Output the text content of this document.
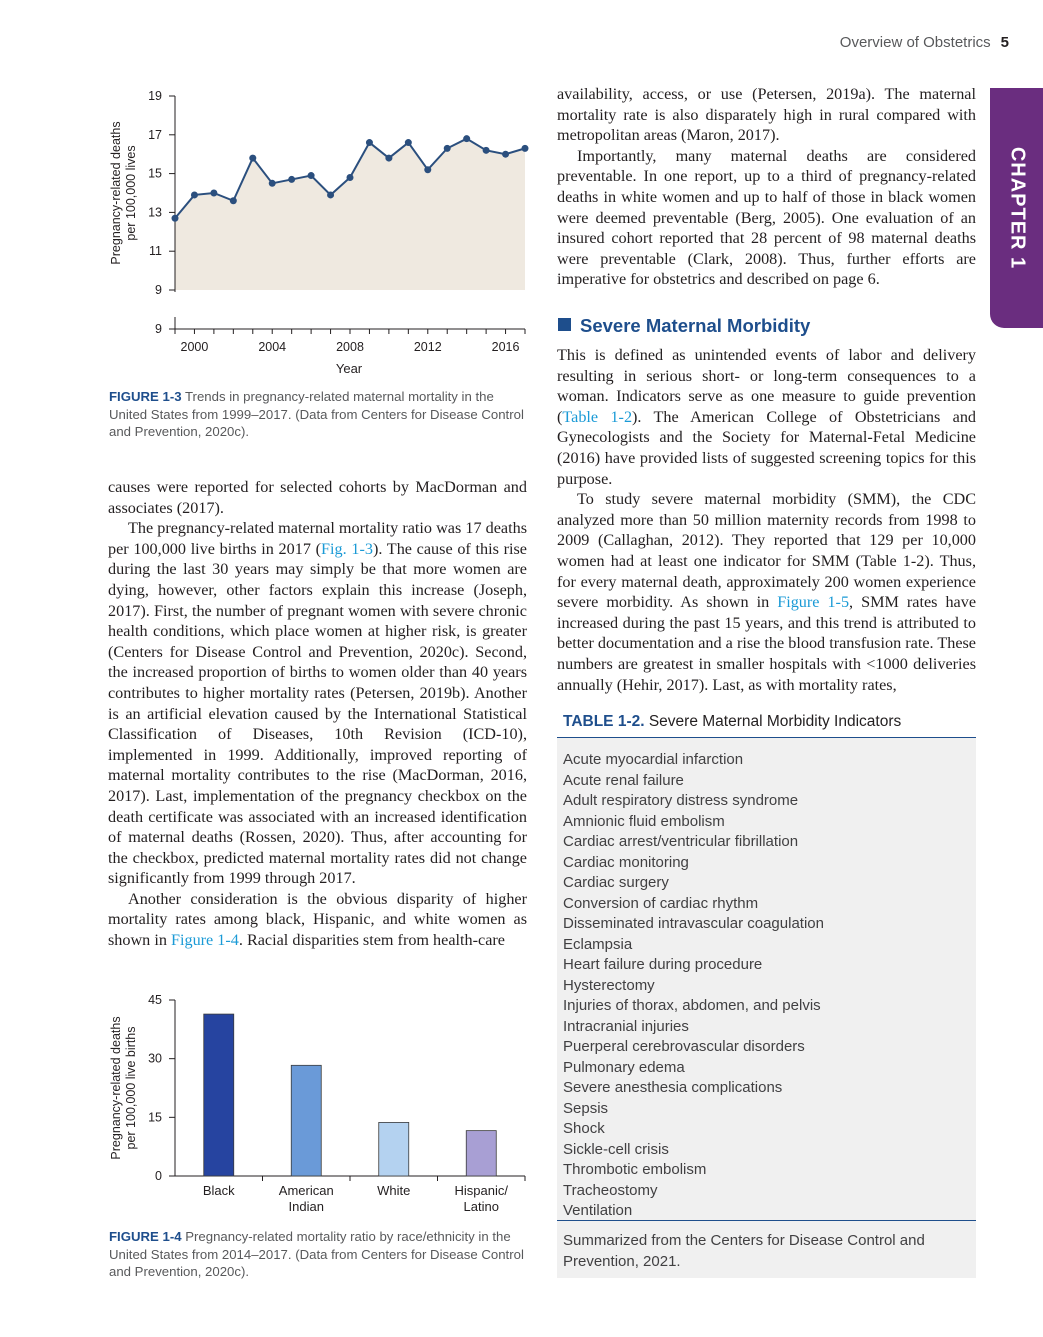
Overview of Obstetrics 5
CHAPTER 1
Pregnancy-related deaths per 100,000 lives
19
17
15
13
11
9
9
2000	2004	2008	2012	2016
Year
FIGURE 1-3 Trends in pregnancy-related maternal mortality in the United States from 1999–2017. (Data from Centers for Disease Control and Prevention, 2020c).

causes were reported for selected cohorts by MacDorman and associates (2017).

The pregnancy-related maternal mortality ratio was 17 deaths per 100,000 live births in 2017 (Fig. 1-3). The cause of this rise during the last 30 years may simply be that more women are dying, however, other factors explain this increase (Joseph, 2017). First, the number of pregnant women with severe chronic health conditions, which place women at higher risk, is greater (Centers for Disease Control and Prevention, 2020c). Second, the increased proportion of births to women older than 40 years contributes to higher mortality rates (Petersen, 2019b). Another is an artificial elevation caused by the International Statistical Classification of Diseases, 10th Revision (ICD-10), implemented in 1999. Additionally, improved reporting of maternal mortality contributes to the rise (MacDorman, 2016, 2017). Last, implementation of the pregnancy checkbox on the death certificate was associated with an increased identification of maternal deaths (Rossen, 2020). Thus, after accounting for the checkbox, predicted maternal mortality rates did not change significantly from 1999 through 2017.

Another consideration is the obvious disparity of higher mortality rates among black, Hispanic, and white women as shown in Figure 1-4. Racial disparities stem from health-care

Pregnancy-related deaths per 100,000 live births
45
30
15
0
Black	American Indian
White	Hispanic/ Latino
FIGURE 1-4 Pregnancy-related mortality ratio by race/ethnicity in the United States from 2014–2017. (Data from Centers for Disease Control and Prevention, 2020c).

availability, access, or use (Petersen, 2019a). The maternal mortality rate is also disparately high in rural compared with metropolitan areas (Maron, 2017).

Importantly, many maternal deaths are considered preventable. In one report, up to a third of pregnancy-related deaths in white women and up to half of those in black women were deemed preventable (Berg, 2005). One evaluation of an insured cohort reported that 28 percent of 98 maternal deaths were preventable (Clark, 2008). Thus, further efforts are imperative for obstetrics and described on page 6.

Severe Maternal Morbidity

This is defined as unintended events of labor and delivery resulting in serious short- or long-term consequences to a woman. Indicators serve as one measure to guide prevention (Table 1-2). The American College of Obstetricians and Gynecologists and the Society for Maternal-Fetal Medicine (2016) have provided lists of suggested screening topics for this purpose.

To study severe maternal morbidity (SMM), the CDC analyzed more than 50 million maternity records from 1998 to 2009 (Callaghan, 2012). They reported that 129 per 10,000 women had at least one indicator for SMM (Table 1-2). Thus, for every maternal death, approximately 200 women experience severe morbidity. As shown in Figure 1-5, SMM rates have increased during the past 15 years, and this trend is attributed to better documentation and a rise the blood transfusion rate. These numbers are greatest in smaller hospitals with <1000 deliveries annually (Hehir, 2017). Last, as with mortality rates,

TABLE 1-2. Severe Maternal Morbidity Indicators
Acute myocardial infarction
Acute renal failure
Adult respiratory distress syndrome
Amnionic fluid embolism
Cardiac arrest/ventricular fibrillation
Cardiac monitoring
Cardiac surgery
Conversion of cardiac rhythm
Disseminated intravascular coagulation
Eclampsia
Heart failure during procedure
Hysterectomy
Injuries of thorax, abdomen, and pelvis
Intracranial injuries
Puerperal cerebrovascular disorders
Pulmonary edema
Severe anesthesia complications
Sepsis
Shock
Sickle-cell crisis
Thrombotic embolism
Tracheostomy
Ventilation
Summarized from the Centers for Disease Control and Prevention, 2021.
